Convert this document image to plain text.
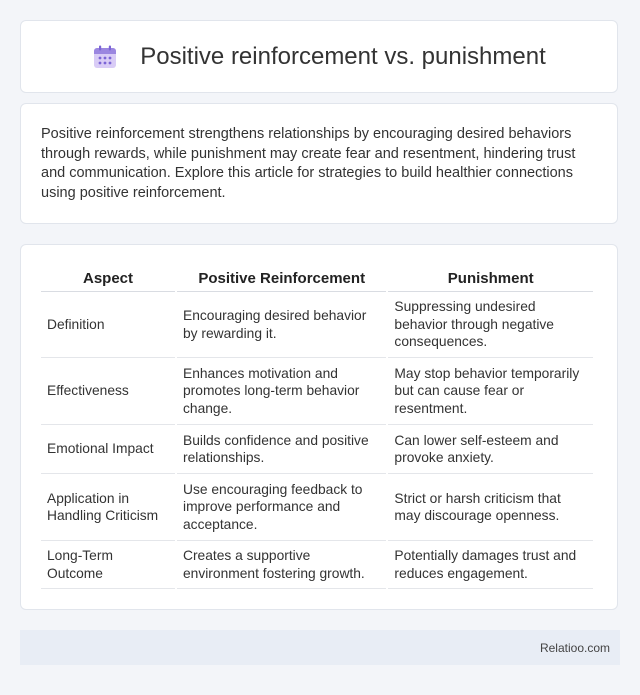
Positive reinforcement vs. punishment

Positive reinforcement strengthens relationships by encouraging desired behaviors through rewards, while punishment may create fear and resentment, hindering trust and communication. Explore this article for strategies to build healthier connections using positive reinforcement.

Aspect	Positive Reinforcement	Punishment
Definition	Encouraging desired behavior by rewarding it.	Suppressing undesired behavior through negative consequences.
Effectiveness	Enhances motivation and promotes long-term behavior change.	May stop behavior temporarily but can cause fear or resentment.
Emotional Impact	Builds confidence and positive relationships.	Can lower self-esteem and provoke anxiety.
Application in Handling Criticism	Use encouraging feedback to improve performance and acceptance.	Strict or harsh criticism that may discourage openness.
Long-Term Outcome	Creates a supportive environment fostering growth.	Potentially damages trust and reduces engagement.
Relatioo.com
